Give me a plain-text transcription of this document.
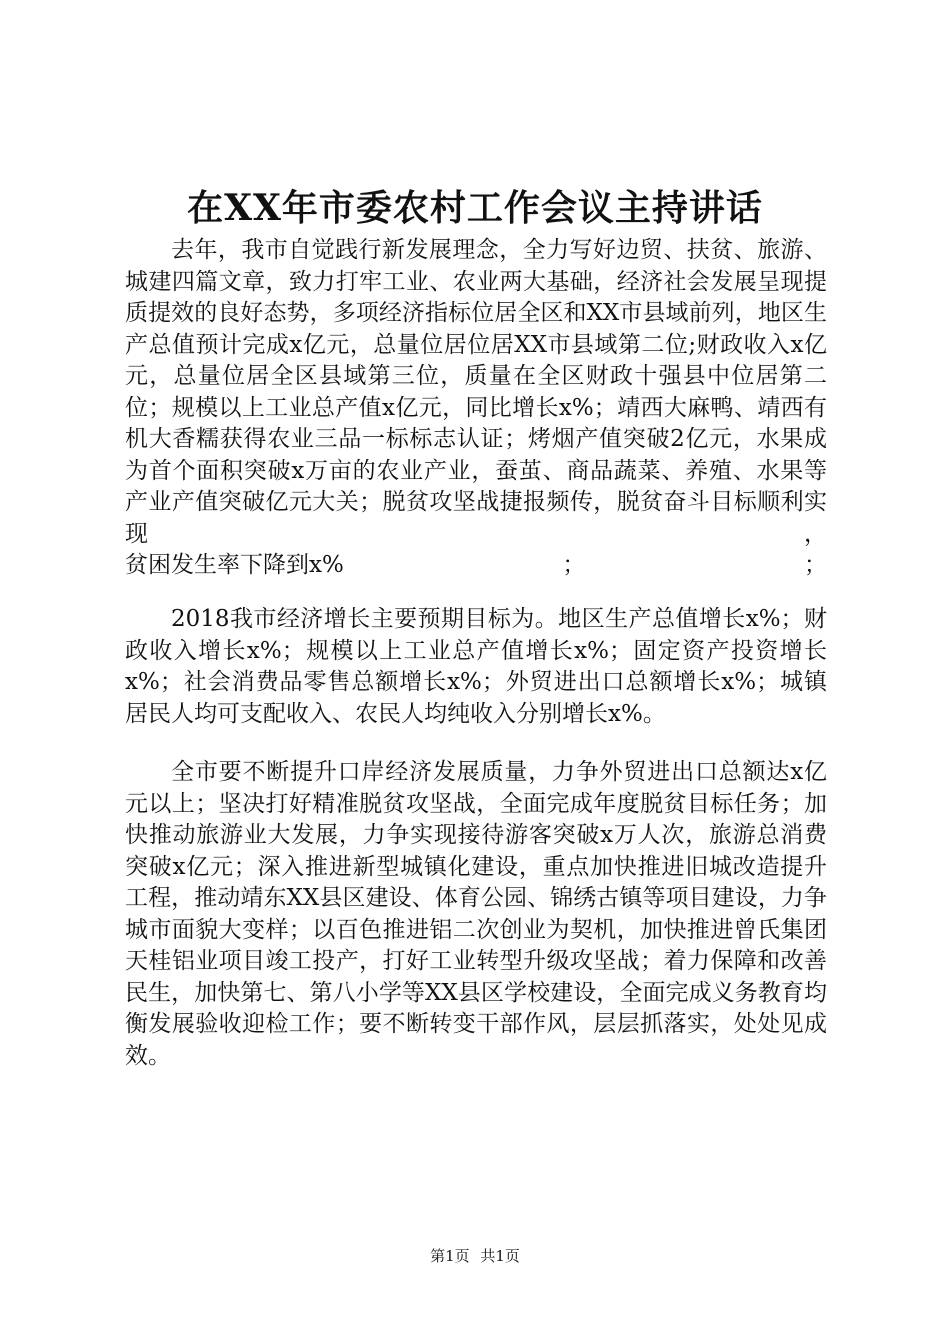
在XX年市委农村工作会议主持讲话
去年，我市自觉践行新发展理念，全力写好边贸、扶贫、旅游、城建四篇文章，致力打牢工业、农业两大基础，经济社会发展呈现提质提效的良好态势，多项经济指标位居全区和XX市县域前列，地区生产总值预计完成x亿元，总量位居位居XX市县域第二位;财政收入x亿元，总量位居全区县域第三位，质量在全区财政十强县中位居第二位；规模以上工业总产值x亿元，同比增长x%；靖西大麻鸭、靖西有机大香糯获得农业三品一标标志认证；烤烟产值突破2亿元，水果成为首个面积突破x万亩的农业产业，蚕茧、商品蔬菜、养殖、水果等产业产值突破亿元大关；脱贫攻坚战捷报频传，脱贫奋斗目标顺利实现，
贫困发生率下降到x%	；	；

2018我市经济增长主要预期目标为。地区生产总值增长x%；财政收入增长x%；规模以上工业总产值增长x%；固定资产投资增长x%；社会消费品零售总额增长x%；外贸进出口总额增长x%；城镇居民人均可支配收入、农民人均纯收入分别增长x%。

全市要不断提升口岸经济发展质量，力争外贸进出口总额达x亿元以上；坚决打好精准脱贫攻坚战，全面完成年度脱贫目标任务；加快推动旅游业大发展，力争实现接待游客突破x万人次，旅游总消费突破x亿元；深入推进新型城镇化建设，重点加快推进旧城改造提升工程，推动靖东XX县区建设、体育公园、锦绣古镇等项目建设，力争城市面貌大变样；以百色推进铝二次创业为契机，加快推进曾氏集团天桂铝业项目竣工投产，打好工业转型升级攻坚战；着力保障和改善民生，加快第七、第八小学等XX县区学校建设，全面完成义务教育均衡发展验收迎检工作；要不断转变干部作风，层层抓落实，处处见成效。

第1页 共1页
